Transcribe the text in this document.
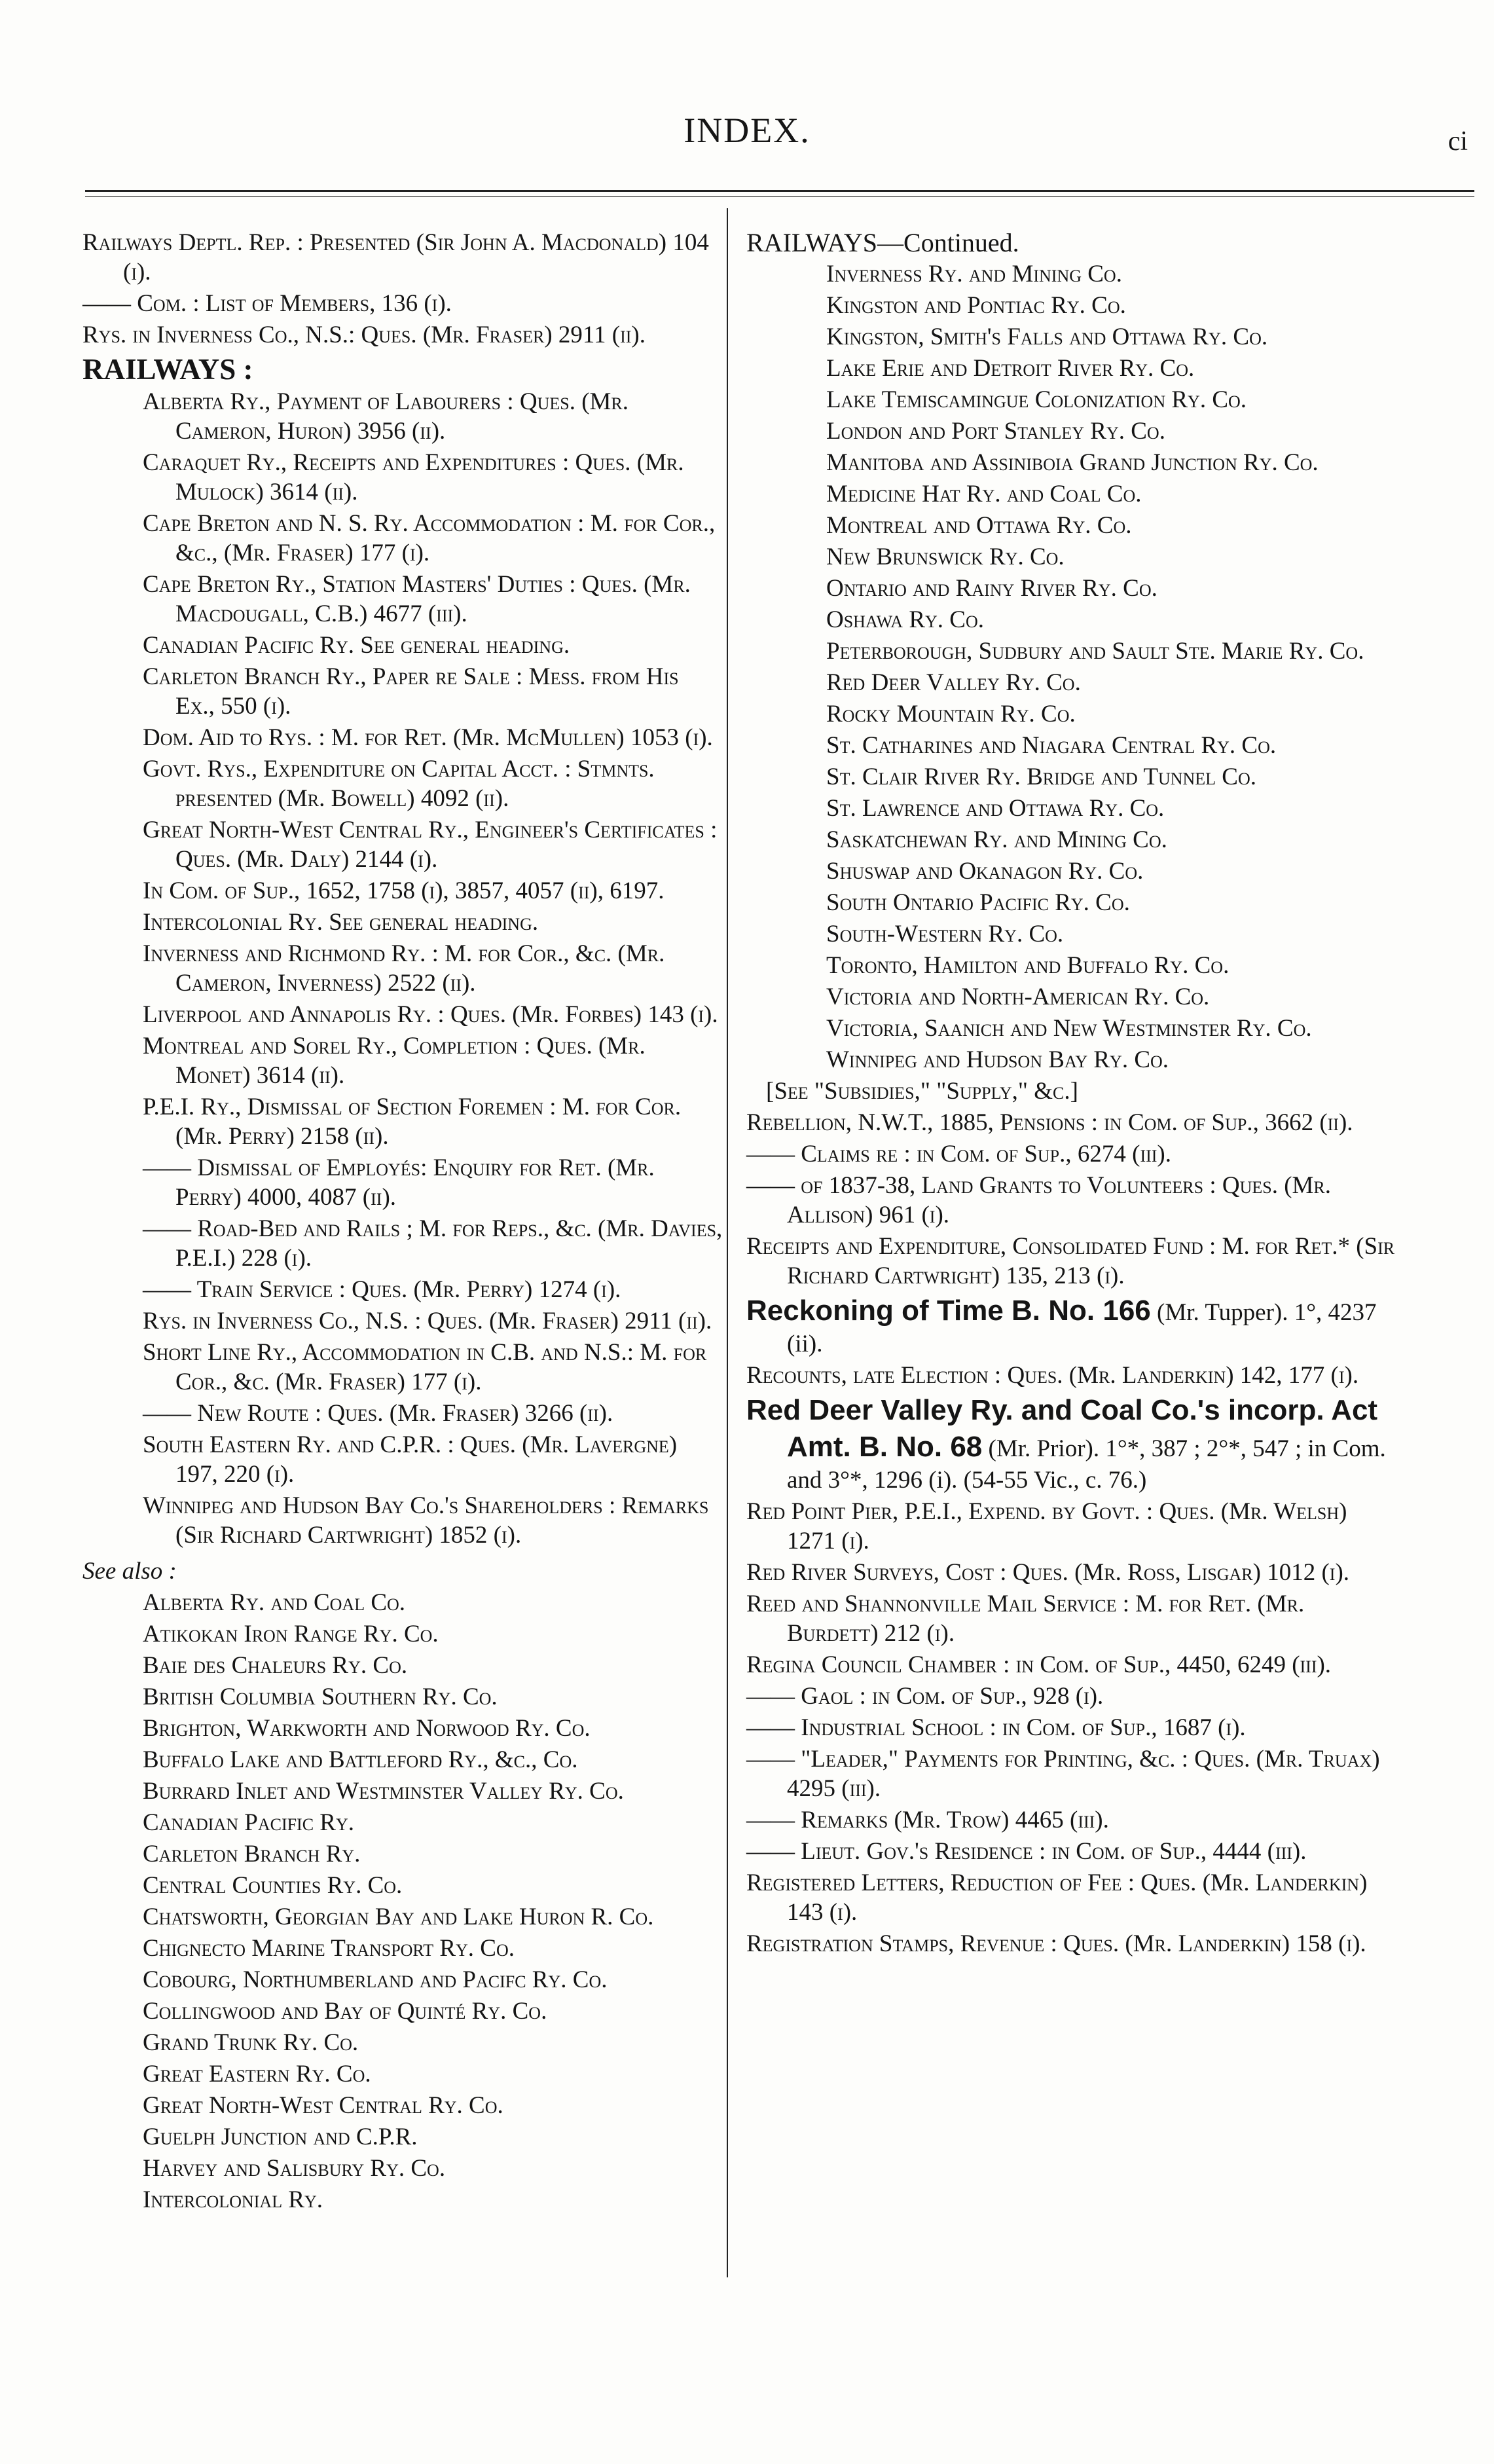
INDEX.	ci
Railways Deptl. Rep. : Presented (Sir John A. Macdonald) 104 (i).
—— Com. : List of Members, 136 (i).
Rys. in Inverness Co., N.S.: Ques. (Mr. Fraser) 2911 (ii).
RAILWAYS :
Alberta Ry., Payment of Labourers : Ques. (Mr. Cameron, Huron) 3956 (ii).
Caraquet Ry., Receipts and Expenditures : Ques. (Mr. Mulock) 3614 (ii).
Cape Breton and N. S. Ry. Accommodation : M. for Cor., &c., (Mr. Fraser) 177 (i).
Cape Breton Ry., Station Masters' Duties : Ques. (Mr. Macdougall, C.B.) 4677 (iii).
Canadian Pacific Ry. See general heading.
Carleton Branch Ry., Paper re Sale : Mess. from His Ex., 550 (i).
Dom. Aid to Rys. : M. for Ret. (Mr. McMullen) 1053 (i).
Govt. Rys., Expenditure on Capital Acct. : Stmnts. presented (Mr. Bowell) 4092 (ii).
Great North-West Central Ry., Engineer's Certificates : Ques. (Mr. Daly) 2144 (i).
In Com. of Sup., 1652, 1758 (i), 3857, 4057 (ii), 6197.
Intercolonial Ry. See general heading.
Inverness and Richmond Ry. : M. for Cor., &c. (Mr. Cameron, Inverness) 2522 (ii).
Liverpool and Annapolis Ry. : Ques. (Mr. Forbes) 143 (i).
Montreal and Sorel Ry., Completion : Ques. (Mr. Monet) 3614 (ii).
P.E.I. Ry., Dismissal of Section Foremen : M. for Cor. (Mr. Perry) 2158 (ii).
—— Dismissal of Employés: Enquiry for Ret. (Mr. Perry) 4000, 4087 (ii).
—— Road-Bed and Rails ; M. for Reps., &c. (Mr. Davies, P.E.I.) 228 (i).
—— Train Service : Ques. (Mr. Perry) 1274 (i).
Rys. in Inverness Co., N.S. : Ques. (Mr. Fraser) 2911 (ii).
Short Line Ry., Accommodation in C.B. and N.S.: M. for Cor., &c. (Mr. Fraser) 177 (i).
—— New Route : Ques. (Mr. Fraser) 3266 (ii).
South Eastern Ry. and C.P.R. : Ques. (Mr. Lavergne) 197, 220 (i).
Winnipeg and Hudson Bay Co.'s Shareholders : Remarks (Sir Richard Cartwright) 1852 (i).
See also :
Alberta Ry. and Coal Co.
Atikokan Iron Range Ry. Co.
Baie des Chaleurs Ry. Co.
British Columbia Southern Ry. Co.
Brighton, Warkworth and Norwood Ry. Co.
Buffalo Lake and Battleford Ry., &c., Co.
Burrard Inlet and Westminster Valley Ry. Co.
Canadian Pacific Ry.
Carleton Branch Ry.
Central Counties Ry. Co.
Chatsworth, Georgian Bay and Lake Huron R. Co.
Chignecto Marine Transport Ry. Co.
Cobourg, Northumberland and Pacifc Ry. Co.
Collingwood and Bay of Quinté Ry. Co.
Grand Trunk Ry. Co.
Great Eastern Ry. Co.
Great North-West Central Ry. Co.
Guelph Junction and C.P.R.
Harvey and Salisbury Ry. Co.
Intercolonial Ry.
RAILWAYS—Continued.
Inverness Ry. and Mining Co.
Kingston and Pontiac Ry. Co.
Kingston, Smith's Falls and Ottawa Ry. Co.
Lake Erie and Detroit River Ry. Co.
Lake Temiscamingue Colonization Ry. Co.
London and Port Stanley Ry. Co.
Manitoba and Assiniboia Grand Junction Ry. Co.
Medicine Hat Ry. and Coal Co.
Montreal and Ottawa Ry. Co.
New Brunswick Ry. Co.
Ontario and Rainy River Ry. Co.
Oshawa Ry. Co.
Peterborough, Sudbury and Sault Ste. Marie Ry. Co.
Red Deer Valley Ry. Co.
Rocky Mountain Ry. Co.
St. Catharines and Niagara Central Ry. Co.
St. Clair River Ry. Bridge and Tunnel Co.
St. Lawrence and Ottawa Ry. Co.
Saskatchewan Ry. and Mining Co.
Shuswap and Okanagon Ry. Co.
South Ontario Pacific Ry. Co.
South-Western Ry. Co.
Toronto, Hamilton and Buffalo Ry. Co.
Victoria and North-American Ry. Co.
Victoria, Saanich and New Westminster Ry. Co.
Winnipeg and Hudson Bay Ry. Co.
[See "Subsidies," "Supply," &c.]
Rebellion, N.W.T., 1885, Pensions : in Com. of Sup., 3662 (ii).
—— Claims re : in Com. of Sup., 6274 (iii).
—— of 1837-38, Land Grants to Volunteers : Ques. (Mr. Allison) 961 (i).
Receipts and Expenditure, Consolidated Fund : M. for Ret.* (Sir Richard Cartwright) 135, 213 (i).
Reckoning of Time B. No. 166 (Mr. Tupper). 1°, 4237 (ii).
Recounts, late Election : Ques. (Mr. Landerkin) 142, 177 (i).
Red Deer Valley Ry. and Coal Co.'s incorp. Act Amt. B. No. 68 (Mr. Prior). 1°*, 387 ; 2°*, 547 ; in Com. and 3°*, 1296 (i). (54-55 Vic., c. 76.)
Red Point Pier, P.E.I., Expend. by Govt. : Ques. (Mr. Welsh) 1271 (i).
Red River Surveys, Cost : Ques. (Mr. Ross, Lisgar) 1012 (i).
Reed and Shannonville Mail Service : M. for Ret. (Mr. Burdett) 212 (i).
Regina Council Chamber : in Com. of Sup., 4450, 6249 (iii).
—— Gaol : in Com. of Sup., 928 (i).
—— Industrial School : in Com. of Sup., 1687 (i).
—— "Leader," Payments for Printing, &c. : Ques. (Mr. Truax) 4295 (iii).
—— Remarks (Mr. Trow) 4465 (iii).
—— Lieut. Gov.'s Residence : in Com. of Sup., 4444 (iii).
Registered Letters, Reduction of Fee : Ques. (Mr. Landerkin) 143 (i).
Registration Stamps, Revenue : Ques. (Mr. Landerkin) 158 (i).
